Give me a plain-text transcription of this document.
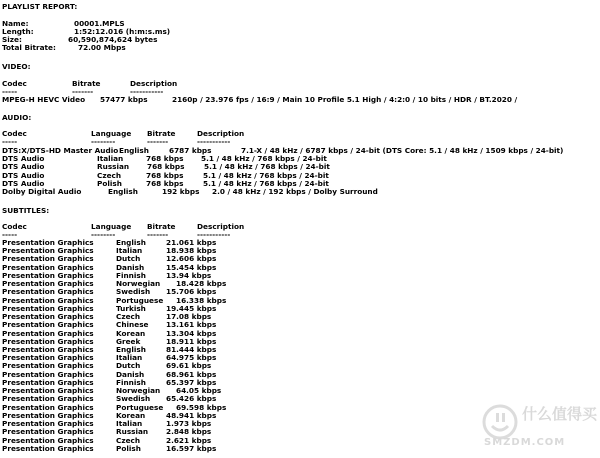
PLAYLIST REPORT:
Name:	00001.MPLS
Length:	1:52:12.016 (h:m:s.ms)
Size:	60,590,874,624 bytes
Total Bitrate:	72.00 Mbps
VIDEO:
Codec	Bitrate	Description
-----	-------	-----------
MPEG-H HEVC Video 57477 kbps	2160p / 23.976 fps / 16:9 / Main 10 Profile 5.1 High / 4:2:0 / 10 bits / HDR / BT.2020 /
AUDIO:
Codec	Language Bitrate	Description
-----	--------	-------	-----------
DTS:X/DTS-HD Master Audio English	6787 kbps	7.1-X / 48 kHz / 6787 kbps / 24-bit (DTS Core: 5.1 / 48 kHz / 1509 kbps / 24-bit)
DTS Audio	Italian	768 kbps 5.1 / 48 kHz / 768 kbps / 24-bit
DTS Audio	Russian 768 kbps	5.1 / 48 kHz / 768 kbps / 24-bit
DTS Audio	Czech	768 kbps	5.1 / 48 kHz / 768 kbps / 24-bit
DTS Audio	Polish	768 kbps	5.1 / 48 kHz / 768 kbps / 24-bit
Dolby Digital Audio	English	192 kbps 2.0 / 48 kHz / 192 kbps / Dolby Surround
SUBTITLES:
Codec	Language Bitrate	Description
-----	--------	-------	-----------
Presentation Graphics	English	21.061 kbps
Presentation Graphics	Italian	18.938 kbps
Presentation Graphics	Dutch	12.606 kbps
Presentation Graphics	Danish	15.454 kbps
Presentation Graphics	Finnish	13.94 kbps
Presentation Graphics	Norwegian 18.428 kbps
Presentation Graphics	Swedish 15.706 kbps
Presentation Graphics	Portuguese 16.338 kbps
Presentation Graphics	Turkish	19.445 kbps
Presentation Graphics	Czech	17.08 kbps
Presentation Graphics	Chinese 13.161 kbps
Presentation Graphics	Korean	13.304 kbps
Presentation Graphics	Greek	18.911 kbps
Presentation Graphics	English	81.444 kbps
Presentation Graphics	Italian	64.975 kbps
Presentation Graphics	Dutch	69.61 kbps
Presentation Graphics	Danish	68.961 kbps
Presentation Graphics	Finnish	65.397 kbps
Presentation Graphics	Norwegian 64.05 kbps
Presentation Graphics	Swedish 65.426 kbps
Presentation Graphics	Portuguese 69.598 kbps
Presentation Graphics	Korean	48.941 kbps
Presentation Graphics	Italian	1.973 kbps
Presentation Graphics	Russian 2.848 kbps
Presentation Graphics	Czech	2.621 kbps
Presentation Graphics	Polish	16.597 kbps
什么值得买
SMZDM.COM
